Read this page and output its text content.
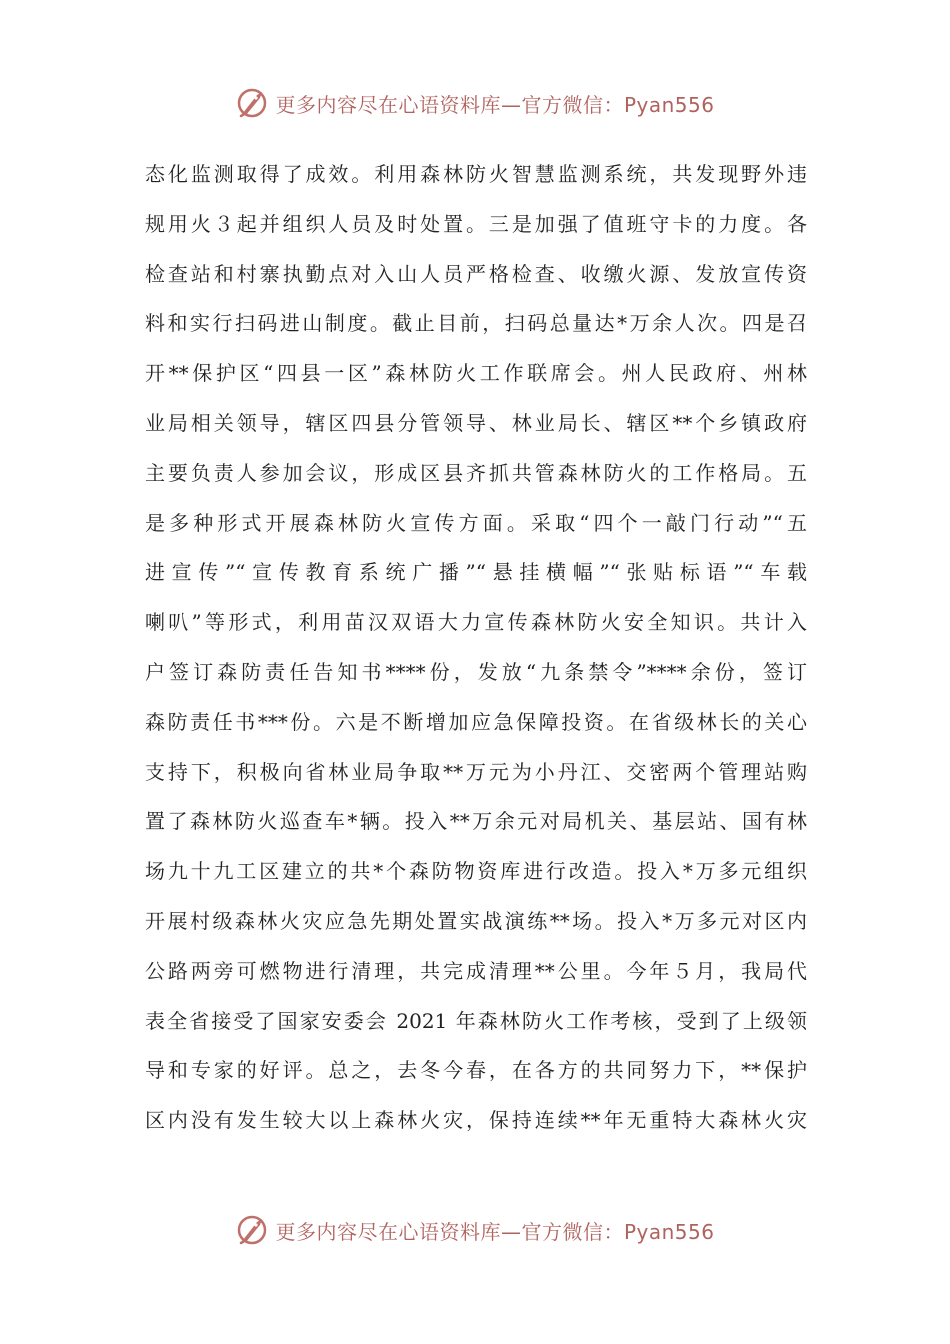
更多内容尽在心语资料库—官方微信：Pyan556
态化监测取得了成效。利用森林防火智慧监测系统，共发现野外违
规用火３起并组织人员及时处置。三是加强了值班守卡的力度。各
检查站和村寨执勤点对入山人员严格检查、收缴火源、发放宣传资
料和实行扫码进山制度。截止目前，扫码总量达*万余人次。四是召
开**保护区“四县一区”森林防火工作联席会。州人民政府、州林
业局相关领导，辖区四县分管领导、林业局长、辖区**个乡镇政府
主要负责人参加会议，形成区县齐抓共管森林防火的工作格局。五
是多种形式开展森林防火宣传方面。采取“四个一敲门行动”“五
进宣传”“宣传教育系统广播”“悬挂横幅”“张贴标语”“车载
喇叭”等形式，利用苗汉双语大力宣传森林防火安全知识。共计入
户签订森防责任告知书****份，发放“九条禁令”****余份，签订
森防责任书***份。六是不断增加应急保障投资。在省级林长的关心
支持下，积极向省林业局争取**万元为小丹江、交密两个管理站购
置了森林防火巡查车*辆。投入**万余元对局机关、基层站、国有林
场九十九工区建立的共*个森防物资库进行改造。投入*万多元组织
开展村级森林火灾应急先期处置实战演练**场。投入*万多元对区内
公路两旁可燃物进行清理，共完成清理**公里。今年５月，我局代
表全省接受了国家安委会 2021 年森林防火工作考核，受到了上级领
导和专家的好评。总之，去冬今春，在各方的共同努力下，**保护
区内没有发生较大以上森林火灾，保持连续**年无重特大森林火灾
更多内容尽在心语资料库—官方微信：Pyan556
